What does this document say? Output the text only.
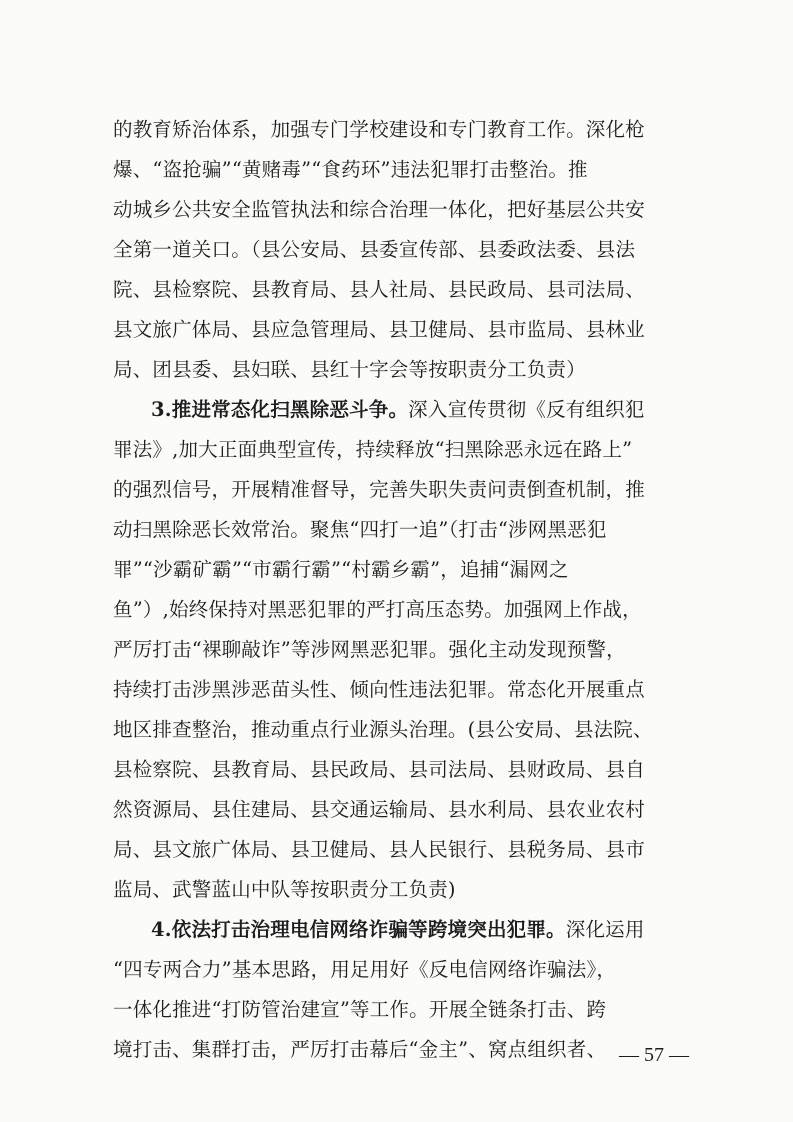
的教育矫治体系，加强专门学校建设和专门教育工作。深化枪
爆、“盗抢骗”“黄赌毒”“食药环”违法犯罪打击整治。推
动城乡公共安全监管执法和综合治理一体化，把好基层公共安
全第一道关口。（县公安局、县委宣传部、县委政法委、县法
院、县检察院、县教育局、县人社局、县民政局、县司法局、
县文旅广体局、县应急管理局、县卫健局、县市监局、县林业
局、团县委、县妇联、县红十字会等按职责分工负责）
3.推进常态化扫黑除恶斗争。深入宣传贯彻《反有组织犯
罪法》,加大正面典型宣传，持续释放“扫黑除恶永远在路上”
的强烈信号，开展精准督导，完善失职失责问责倒查机制，推
动扫黑除恶长效常治。聚焦“四打一追”（打击“涉网黑恶犯
罪”“沙霸矿霸”“市霸行霸”“村霸乡霸”，追捕“漏网之
鱼”）,始终保持对黑恶犯罪的严打高压态势。加强网上作战，
严厉打击“裸聊敲诈”等涉网黑恶犯罪。强化主动发现预警，
持续打击涉黑涉恶苗头性、倾向性违法犯罪。常态化开展重点
地区排查整治，推动重点行业源头治理。(县公安局、县法院、
县检察院、县教育局、县民政局、县司法局、县财政局、县自
然资源局、县住建局、县交通运输局、县水利局、县农业农村
局、县文旅广体局、县卫健局、县人民银行、县税务局、县市
监局、武警蓝山中队等按职责分工负责)
4.依法打击治理电信网络诈骗等跨境突出犯罪。深化运用
“四专两合力”基本思路，用足用好《反电信网络诈骗法》，
一体化推进“打防管治建宣”等工作。开展全链条打击、跨
境打击、集群打击，严厉打击幕后“金主”、窝点组织者、 — 57 —
